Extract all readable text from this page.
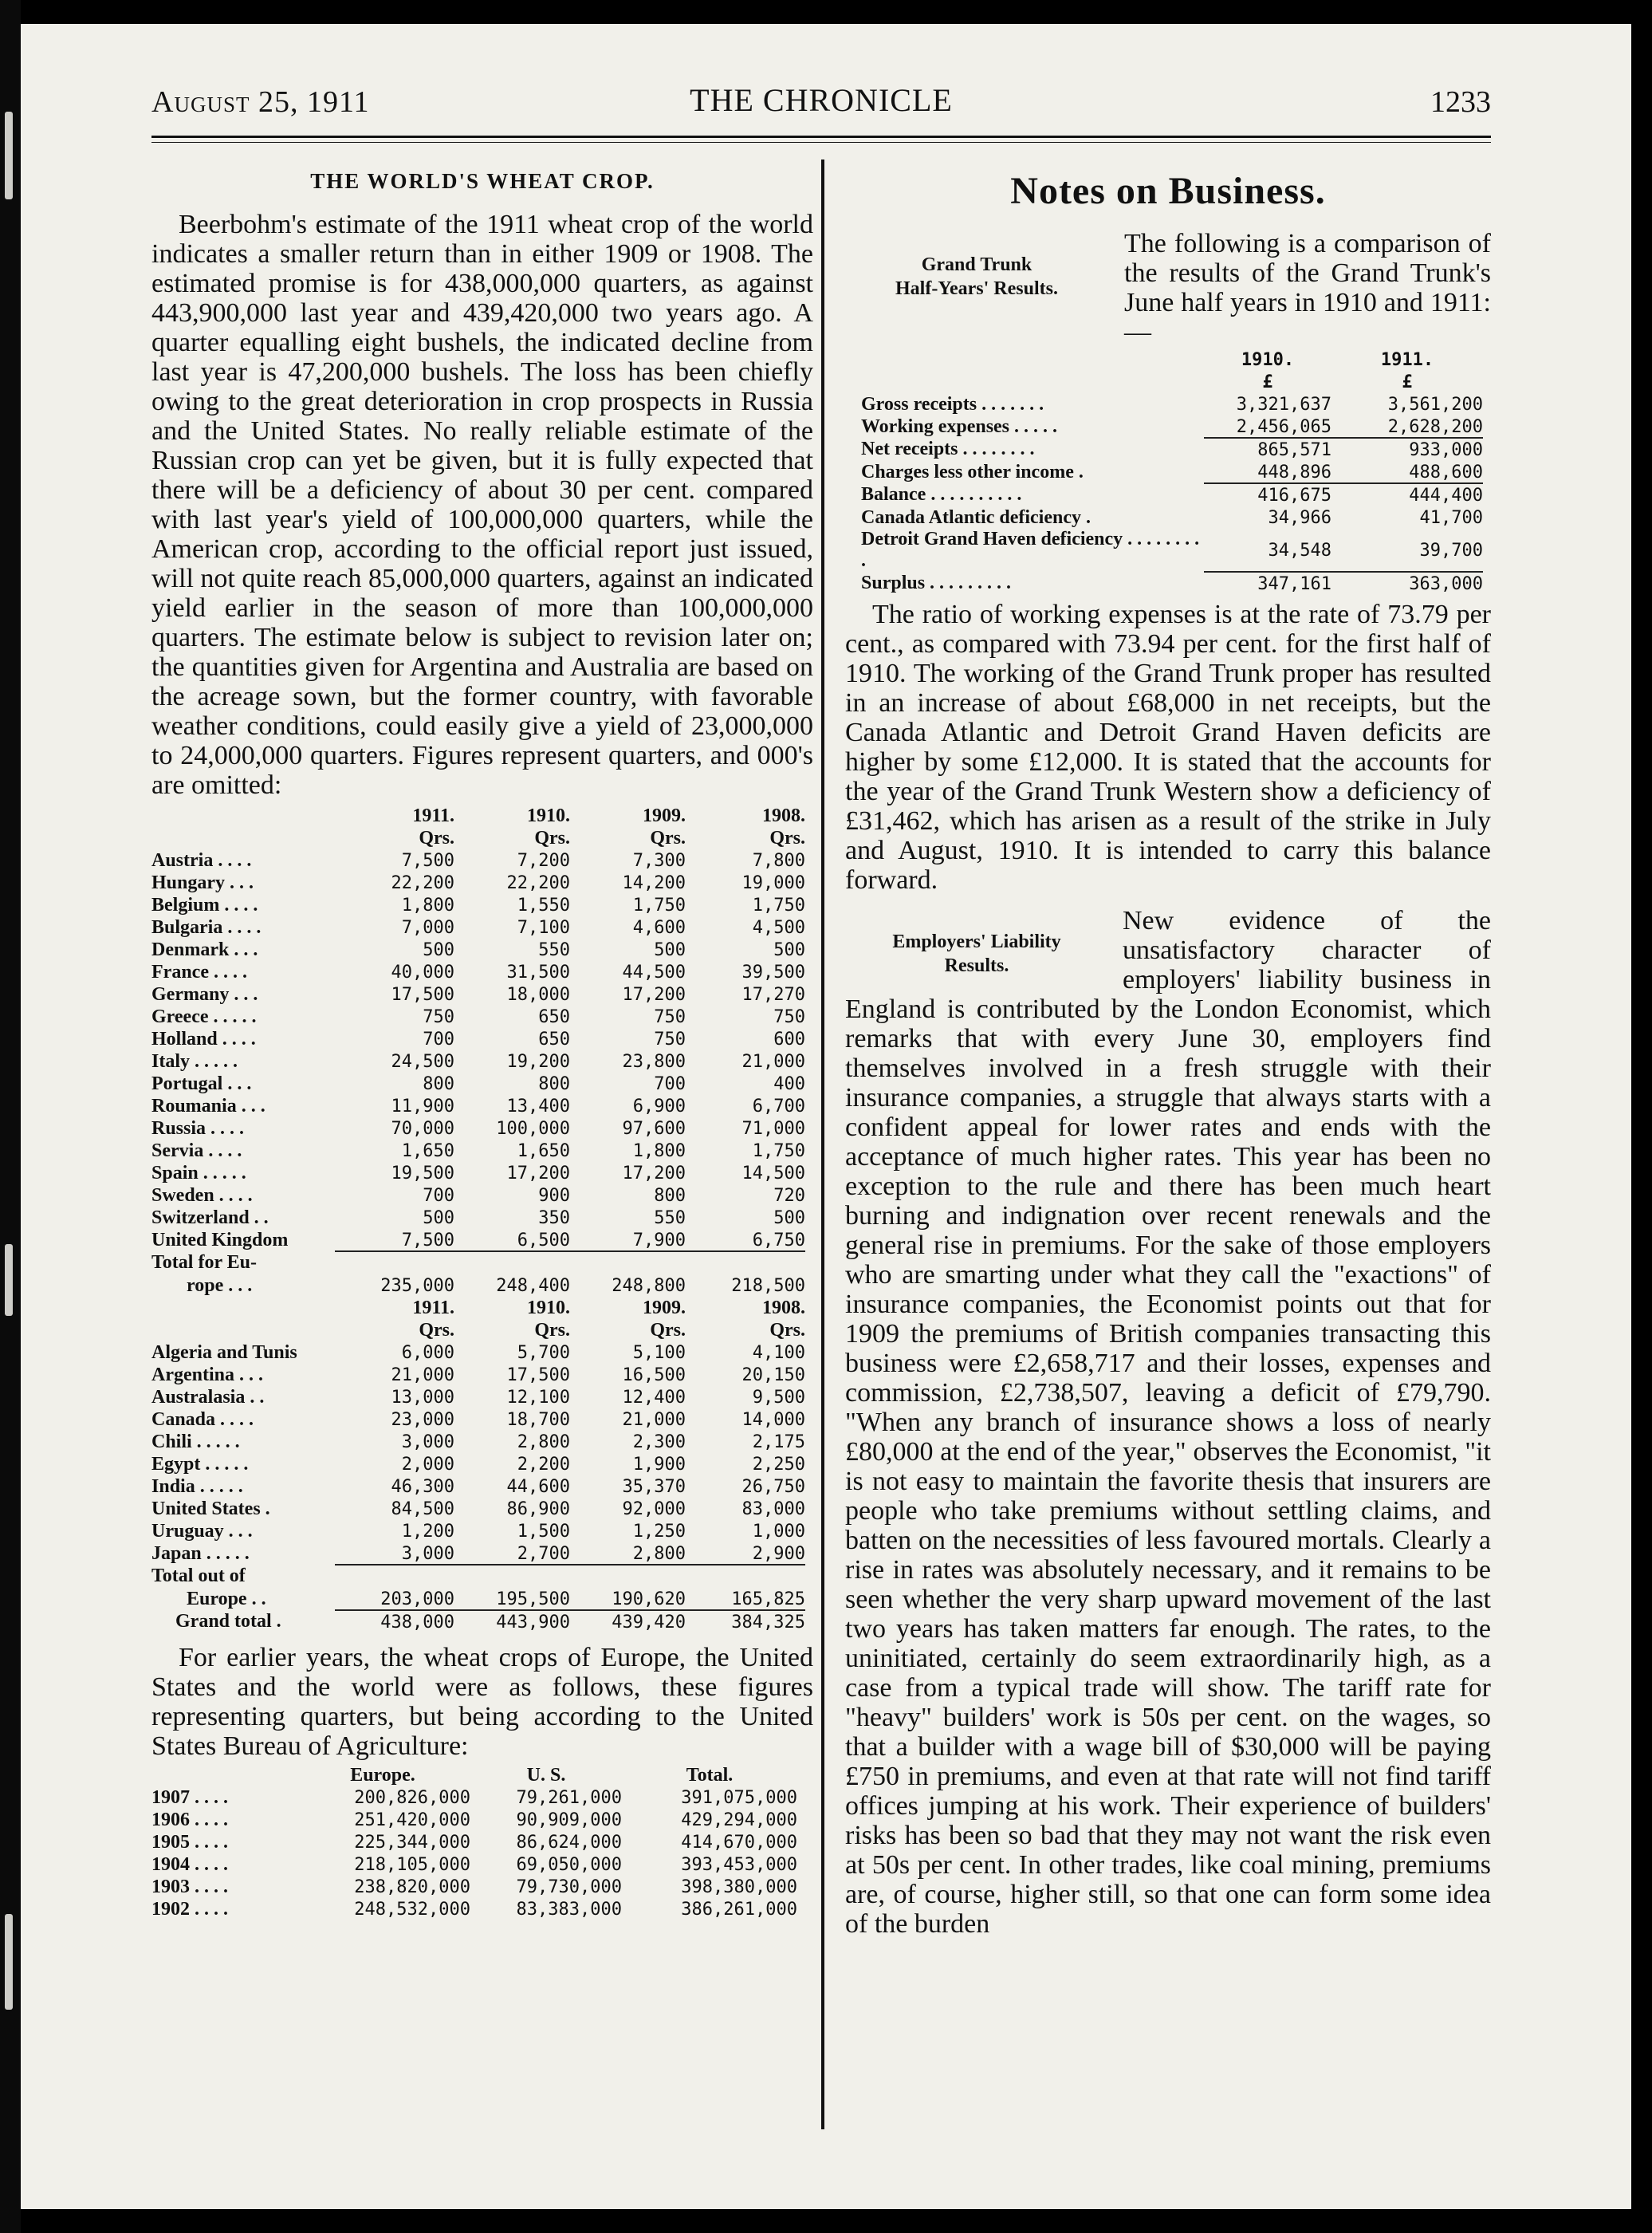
August 25, 1911	THE CHRONICLE	1233
THE WORLD'S WHEAT CROP.

Beerbohm's estimate of the 1911 wheat crop of the world indicates a smaller return than in either 1909 or 1908. The estimated promise is for 438,000,000 quarters, as against 443,900,000 last year and 439,420,000 two years ago. A quarter equalling eight bushels, the indicated decline from last year is 47,200,000 bushels. The loss has been chiefly owing to the great deterioration in crop prospects in Russia and the United States. No really reliable estimate of the Russian crop can yet be given, but it is fully expected that there will be a deficiency of about 30 per cent. compared with last year's yield of 100,000,000 quarters, while the American crop, according to the official report just issued, will not quite reach 85,000,000 quarters, against an indicated yield earlier in the season of more than 100,000,000 quarters. The estimate below is subject to revision later on; the quantities given for Argentina and Australia are based on the acreage sown, but the former country, with favorable weather conditions, could easily give a yield of 23,000,000 to 24,000,000 quarters. Figures represent quarters, and 000's are omitted:

	1911.	1910.	1909.	1908.
	Qrs.	Qrs.	Qrs.	Qrs.
Austria . . . .	7,500	7,200	7,300	7,800
Hungary . . .	22,200	22,200	14,200	19,000
Belgium . . . .	1,800	1,550	1,750	1,750
Bulgaria . . . .	7,000	7,100	4,600	4,500
Denmark . . .	500	550	500	500
France . . . .	40,000	31,500	44,500	39,500
Germany . . .	17,500	18,000	17,200	17,270
Greece . . . . .	750	650	750	750
Holland . . . .	700	650	750	600
Italy . . . . .	24,500	19,200	23,800	21,000
Portugal . . .	800	800	700	400
Roumania . . .	11,900	13,400	6,900	6,700
Russia . . . .	70,000	100,000	97,600	71,000
Servia . . . .	1,650	1,650	1,800	1,750
Spain . . . . .	19,500	17,200	17,200	14,500
Sweden . . . .	700	900	800	720
Switzerland . .	500	350	550	500
United Kingdom	7,500	6,500	7,900	6,750

Total for Eu-				
rope . . .	235,000	248,400	248,800	218,500
	1911.	1910.	1909.	1908.
	Qrs.	Qrs.	Qrs.	Qrs.
Algeria and Tunis	6,000	5,700	5,100	4,100
Argentina . . .	21,000	17,500	16,500	20,150
Australasia . .	13,000	12,100	12,400	9,500
Canada . . . .	23,000	18,700	21,000	14,000
Chili . . . . .	3,000	2,800	2,300	2,175
Egypt . . . . .	2,000	2,200	1,900	2,250
India . . . . .	46,300	44,600	35,370	26,750
United States .	84,500	86,900	92,000	83,000
Uruguay . . .	1,200	1,500	1,250	1,000
Japan . . . . .	3,000	2,700	2,800	2,900

Total out of				
Europe . .	203,000	195,500	190,620	165,825

Grand total .	438,000	443,900	439,420	384,325

For earlier years, the wheat crops of Europe, the United States and the world were as follows, these figures representing quarters, but being according to the United States Bureau of Agriculture:

	Europe.	U. S.	Total.
1907 . . . .	200,826,000	79,261,000	391,075,000
1906 . . . .	251,420,000	90,909,000	429,294,000
1905 . . . .	225,344,000	86,624,000	414,670,000
1904 . . . .	218,105,000	69,050,000	393,453,000
1903 . . . .	238,820,000	79,730,000	398,380,000
1902 . . . .	248,532,000	83,383,000	386,261,000
Notes on Business.
Grand Trunk
Half-Years' Results.

The following is a comparison of the results of the Grand Trunk's June half years in 1910 and 1911:—

	1910.	1911.
	£	£
Gross receipts . . . . . . .	3,321,637	3,561,200
Working expenses . . . . .	2,456,065	2,628,200

Net receipts . . . . . . . .	865,571	933,000
Charges less other income .	448,896	488,600

Balance . . . . . . . . . .	416,675	444,400
Canada Atlantic deficiency .	34,966	41,700
Detroit Grand Haven deficiency . . . . . . . . .	34,548	39,700

Surplus . . . . . . . . .	347,161	363,000

The ratio of working expenses is at the rate of 73.79 per cent., as compared with 73.94 per cent. for the first half of 1910. The working of the Grand Trunk proper has resulted in an increase of about £68,000 in net receipts, but the Canada Atlantic and Detroit Grand Haven deficits are higher by some £12,000. It is stated that the accounts for the year of the Grand Trunk Western show a deficiency of £31,462, which has arisen as a result of the strike in July and August, 1910. It is intended to carry this balance forward.

Employers' Liability
Results.

New evidence of the unsatisfactory character of employers' liability business in England is contributed by the London Economist, which remarks that with every June 30, employers find themselves involved in a fresh struggle with their insurance companies, a struggle that always starts with a confident appeal for lower rates and ends with the acceptance of much higher rates. This year has been no exception to the rule and there has been much heart burning and indignation over recent renewals and the general rise in premiums. For the sake of those employers who are smarting under what they call the "exactions" of insurance companies, the Economist points out that for 1909 the premiums of British companies transacting this business were £2,658,717 and their losses, expenses and commission, £2,738,507, leaving a deficit of £79,790. "When any branch of insurance shows a loss of nearly £80,000 at the end of the year," observes the Economist, "it is not easy to maintain the favorite thesis that insurers are people who take premiums without settling claims, and batten on the necessities of less favoured mortals. Clearly a rise in rates was absolutely necessary, and it remains to be seen whether the very sharp upward movement of the last two years has taken matters far enough. The rates, to the uninitiated, certainly do seem extraordinarily high, as a case from a typical trade will show. The tariff rate for "heavy" builders' work is 50s per cent. on the wages, so that a builder with a wage bill of $30,000 will be paying £750 in premiums, and even at that rate will not find tariff offices jumping at his work. Their experience of builders' risks has been so bad that they may not want the risk even at 50s per cent. In other trades, like coal mining, premiums are, of course, higher still, so that one can form some idea of the burden
